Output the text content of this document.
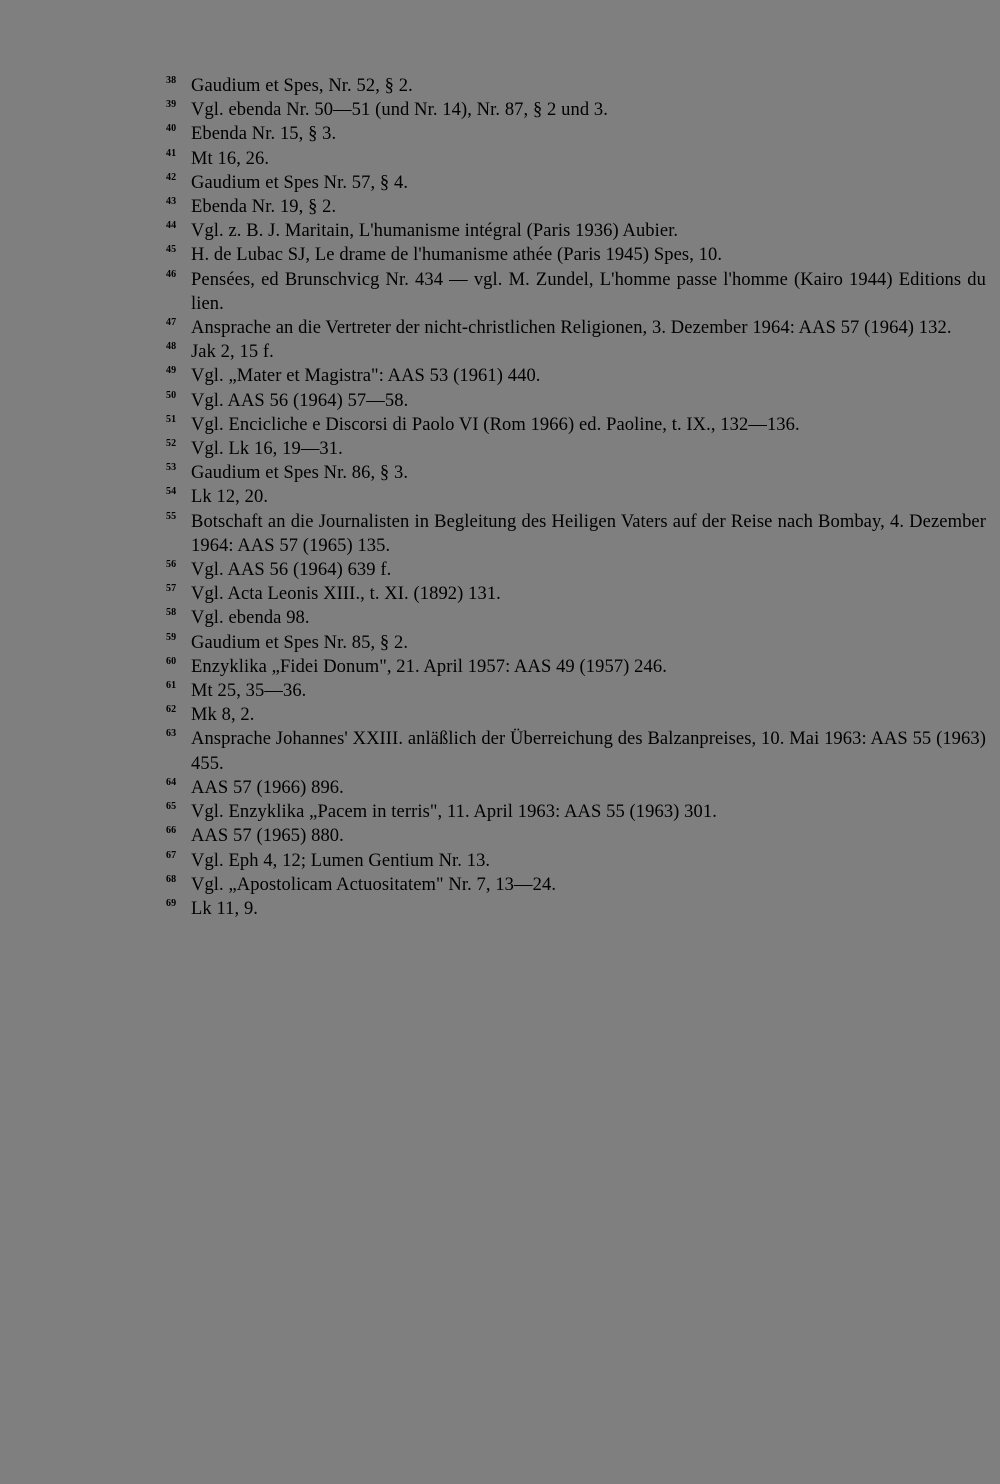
38 Gaudium et Spes, Nr. 52, § 2.
39 Vgl. ebenda Nr. 50—51 (und Nr. 14), Nr. 87, § 2 und 3.
40 Ebenda Nr. 15, § 3.
41 Mt 16, 26.
42 Gaudium et Spes Nr. 57, § 4.
43 Ebenda Nr. 19, § 2.
44 Vgl. z. B. J. Maritain, L'humanisme intégral (Paris 1936) Aubier.
45 H. de Lubac SJ, Le drame de l'humanisme athée (Paris 1945) Spes, 10.
46 Pensées, ed Brunschvicg Nr. 434 — vgl. M. Zundel, L'homme passe l'homme (Kairo 1944) Editions du lien.
47 Ansprache an die Vertreter der nicht-christlichen Religionen, 3. Dezember 1964: AAS 57 (1964) 132.
48 Jak 2, 15 f.
49 Vgl. „Mater et Magistra": AAS 53 (1961) 440.
50 Vgl. AAS 56 (1964) 57—58.
51 Vgl. Encicliche e Discorsi di Paolo VI (Rom 1966) ed. Paoline, t. IX., 132—136.
52 Vgl. Lk 16, 19—31.
53 Gaudium et Spes Nr. 86, § 3.
54 Lk 12, 20.
55 Botschaft an die Journalisten in Begleitung des Heiligen Vaters auf der Reise nach Bombay, 4. Dezember 1964: AAS 57 (1965) 135.
56 Vgl. AAS 56 (1964) 639 f.
57 Vgl. Acta Leonis XIII., t. XI. (1892) 131.
58 Vgl. ebenda 98.
59 Gaudium et Spes Nr. 85, § 2.
60 Enzyklika „Fidei Donum", 21. April 1957: AAS 49 (1957) 246.
61 Mt 25, 35—36.
62 Mk 8, 2.
63 Ansprache Johannes' XXIII. anläßlich der Überreichung des Balzanpreises, 10. Mai 1963: AAS 55 (1963) 455.
64 AAS 57 (1966) 896.
65 Vgl. Enzyklika „Pacem in terris", 11. April 1963: AAS 55 (1963) 301.
66 AAS 57 (1965) 880.
67 Vgl. Eph 4, 12; Lumen Gentium Nr. 13.
68 Vgl. „Apostolicam Actuositatem" Nr. 7, 13—24.
69 Lk 11, 9.
